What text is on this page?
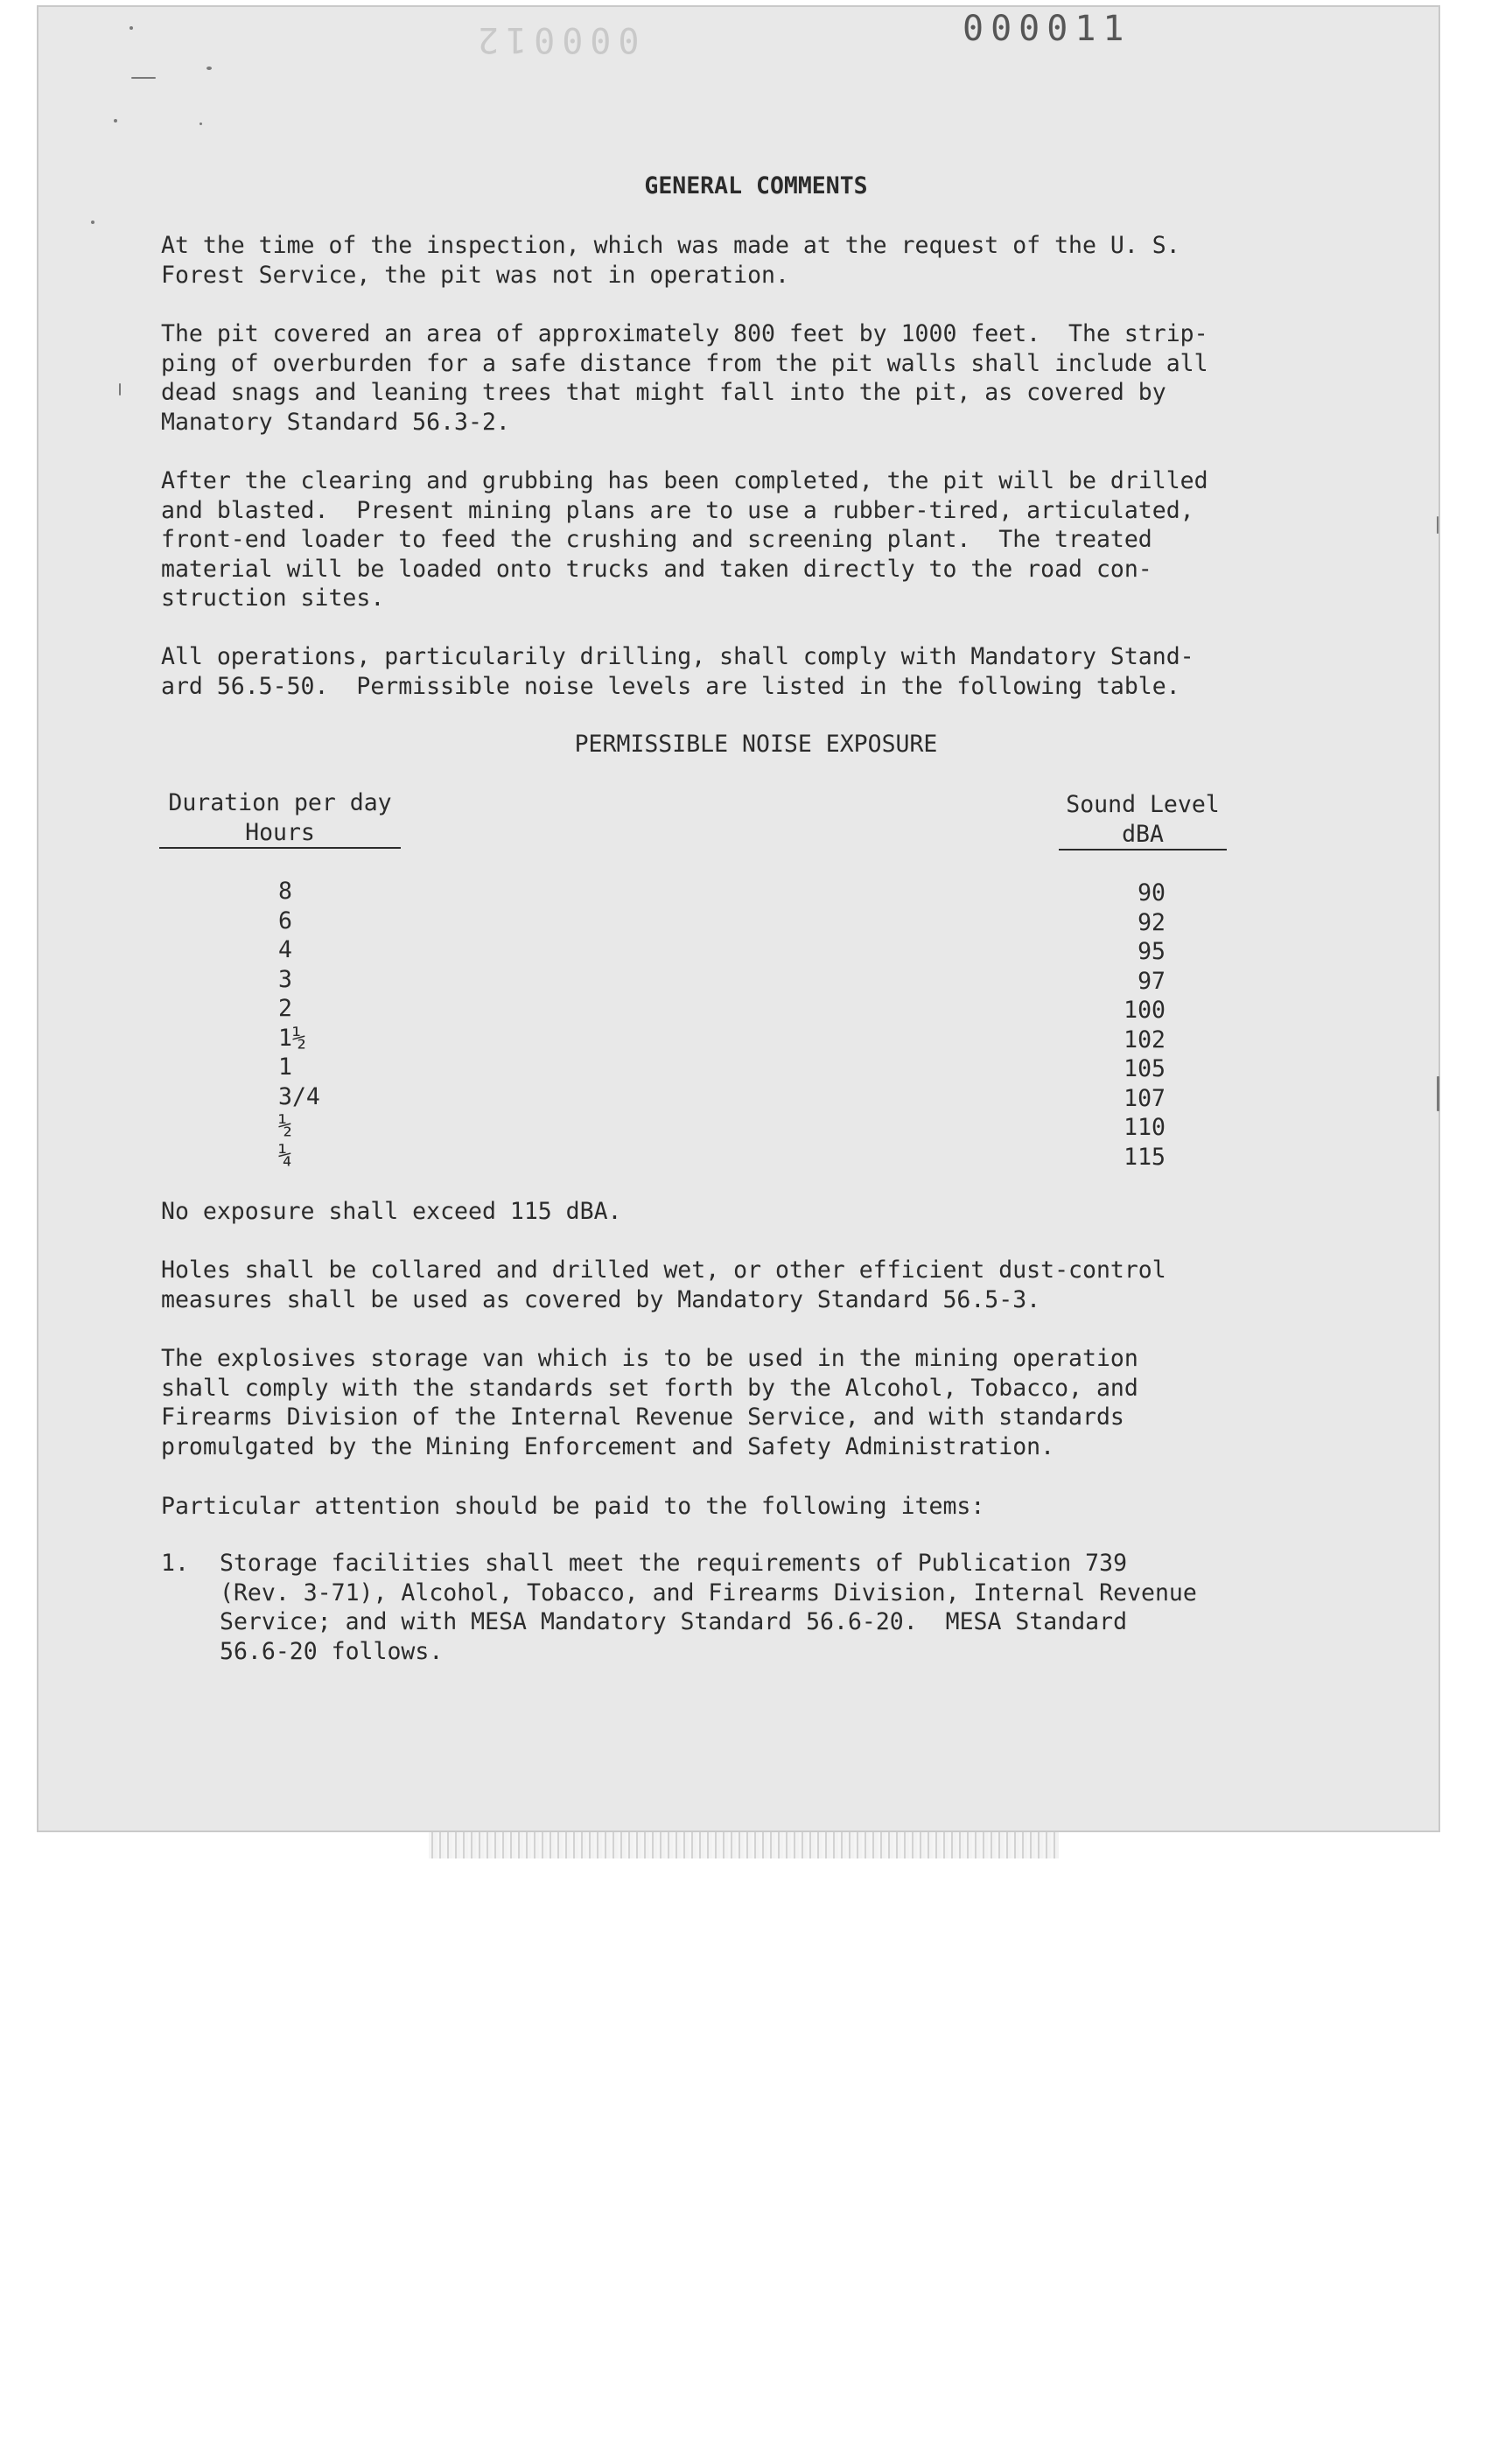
000012	000011
GENERAL COMMENTS

At the time of the inspection, which was made at the request of the U. S.
Forest Service, the pit was not in operation.

The pit covered an area of approximately 800 feet by 1000 feet.  The strip-
ping of overburden for a safe distance from the pit walls shall include all
dead snags and leaning trees that might fall into the pit, as covered by
Manatory Standard 56.3-2.

After the clearing and grubbing has been completed, the pit will be drilled
and blasted.  Present mining plans are to use a rubber-tired, articulated,
front-end loader to feed the crushing and screening plant.  The treated
material will be loaded onto trucks and taken directly to the road con-
struction sites.

All operations, particularily drilling, shall comply with Mandatory Stand-
ard 56.5-50.  Permissible noise levels are listed in the following table.

PERMISSIBLE NOISE EXPOSURE
Duration per day
Hours
Sound Level
dBA
8
6
4
3
2
1½
1
3/4
½
¼
90
92
95
97
100
102
105
107
110
115

No exposure shall exceed 115 dBA.

Holes shall be collared and drilled wet, or other efficient dust-control
measures shall be used as covered by Mandatory Standard 56.5-3.

The explosives storage van which is to be used in the mining operation
shall comply with the standards set forth by the Alcohol, Tobacco, and
Firearms Division of the Internal Revenue Service, and with standards
promulgated by the Mining Enforcement and Safety Administration.

Particular attention should be paid to the following items:

1. Storage facilities shall meet the requirements of Publication 739
(Rev. 3-71), Alcohol, Tobacco, and Firearms Division, Internal Revenue
Service; and with MESA Mandatory Standard 56.6-20.  MESA Standard
56.6-20 follows.
